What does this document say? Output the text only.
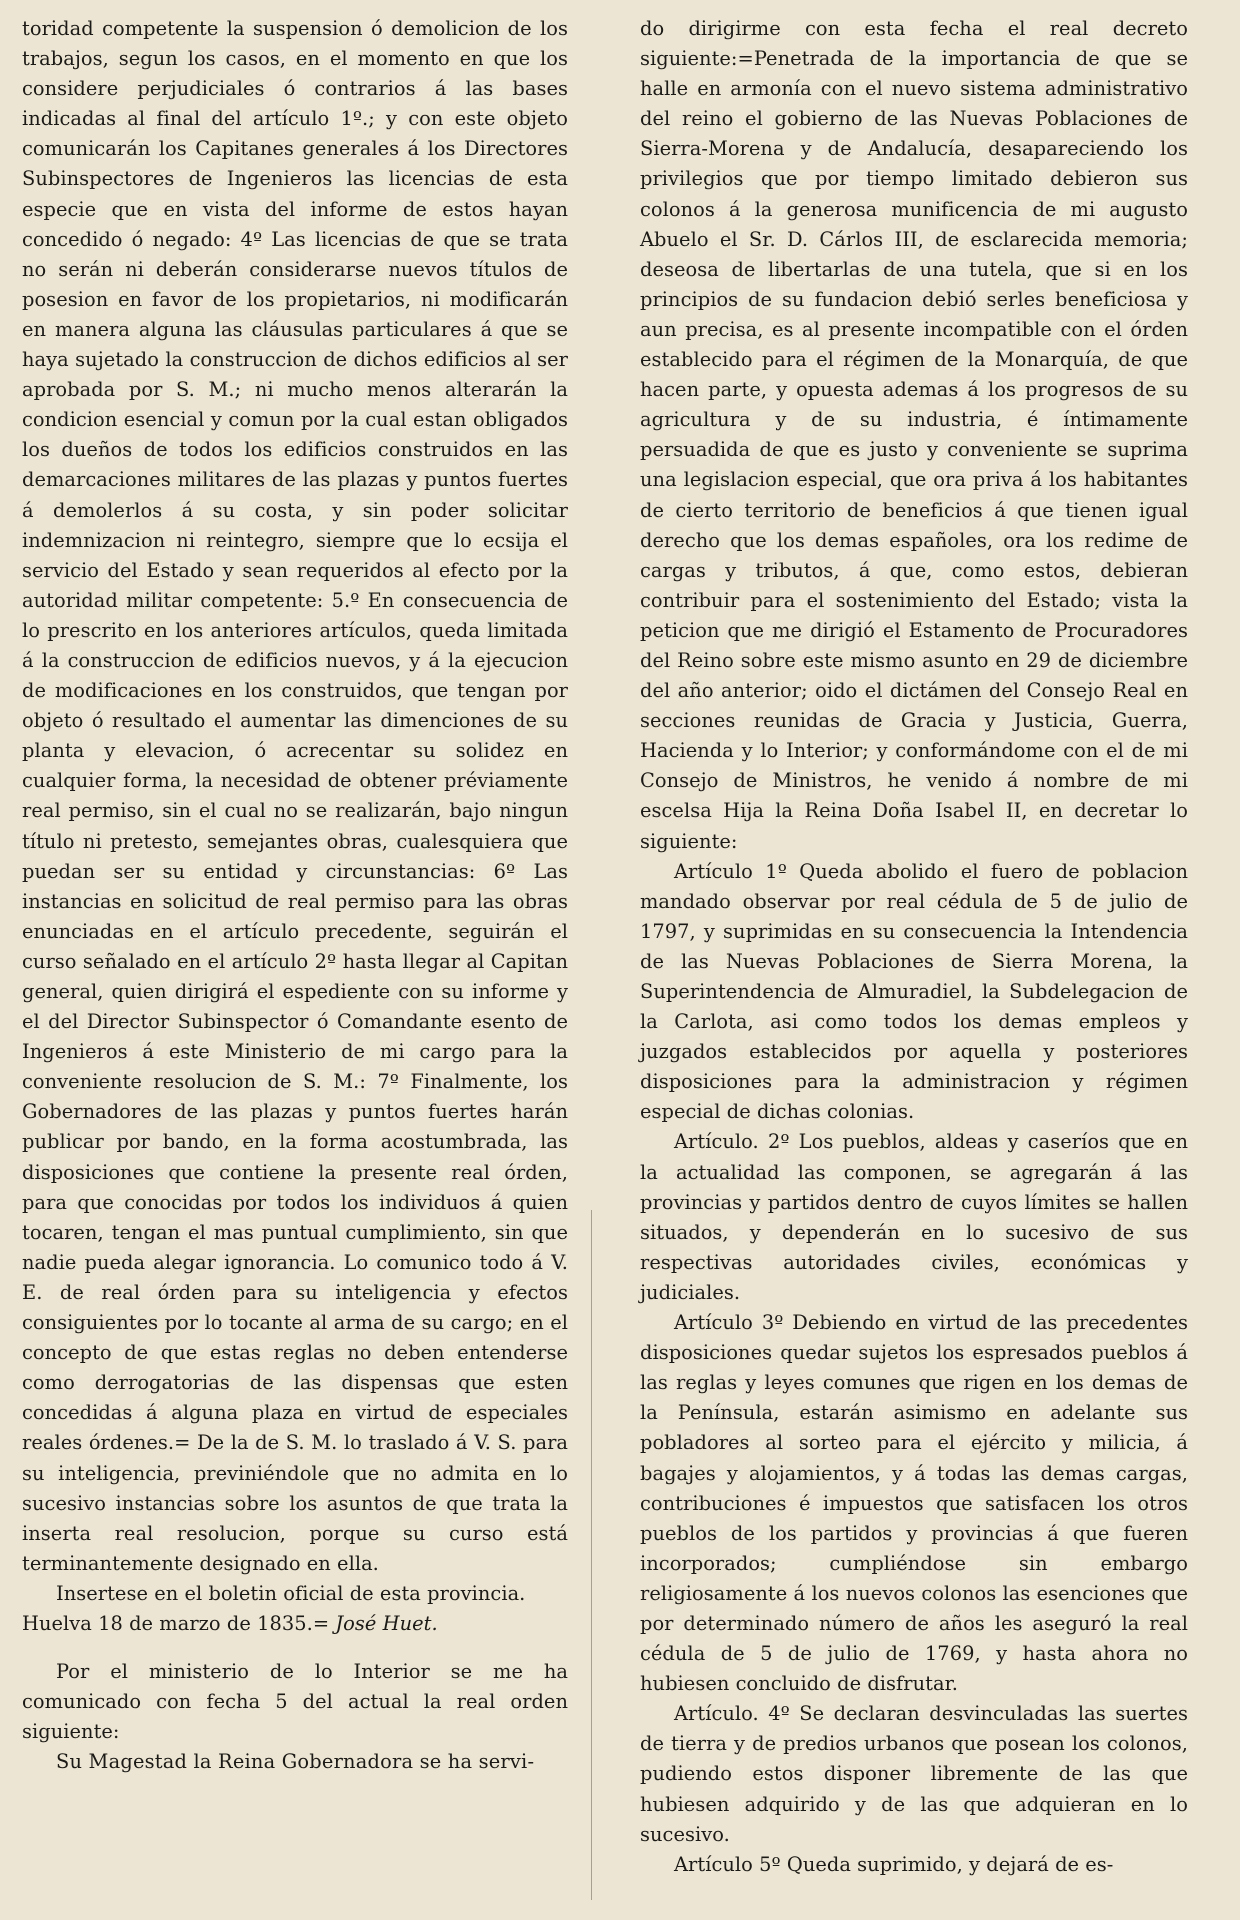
toridad competente la suspension ó demolicion de los trabajos, segun los casos, en el momento en que los considere perjudiciales ó contrarios á las bases indicadas al final del artículo 1º.; y con este objeto comunicarán los Capitanes generales á los Directores Subinspectores de Ingenieros las licencias de esta especie que en vista del informe de estos hayan concedido ó negado: 4º Las licencias de que se trata no serán ni deberán considerarse nuevos títulos de posesion en favor de los propietarios, ni modificarán en manera alguna las cláusulas particulares á que se haya sujetado la construccion de dichos edificios al ser aprobada por S. M.; ni mucho menos alterarán la condicion esencial y comun por la cual estan obligados los dueños de todos los edificios construidos en las demarcaciones militares de las plazas y puntos fuertes á demolerlos á su costa, y sin poder solicitar indemnizacion ni reintegro, siempre que lo ecsija el servicio del Estado y sean requeridos al efecto por la autoridad militar competente: 5.º En consecuencia de lo prescrito en los anteriores artículos, queda limitada á la construccion de edificios nuevos, y á la ejecucion de modificaciones en los construidos, que tengan por objeto ó resultado el aumentar las dimenciones de su planta y elevacion, ó acrecentar su solidez en cualquier forma, la necesidad de obtener préviamente real permiso, sin el cual no se realizarán, bajo ningun título ni pretesto, semejantes obras, cualesquiera que puedan ser su entidad y circunstancias: 6º Las instancias en solicitud de real permiso para las obras enunciadas en el artículo precedente, seguirán el curso señalado en el artículo 2º hasta llegar al Capitan general, quien dirigirá el espediente con su informe y el del Director Subinspector ó Comandante esento de Ingenieros á este Ministerio de mi cargo para la conveniente resolucion de S. M.: 7º Finalmente, los Gobernadores de las plazas y puntos fuertes harán publicar por bando, en la forma acostumbrada, las disposiciones que contiene la presente real órden, para que conocidas por todos los individuos á quien tocaren, tengan el mas puntual cumplimiento, sin que nadie pueda alegar ignorancia. Lo comunico todo á V. E. de real órden para su inteligencia y efectos consiguientes por lo tocante al arma de su cargo; en el concepto de que estas reglas no deben entenderse como derrogatorias de las dispensas que esten concedidas á alguna plaza en virtud de especiales reales órdenes.= De la de S. M. lo traslado á V. S. para su inteligencia, previniéndole que no admita en lo sucesivo instancias sobre los asuntos de que trata la inserta real resolucion, porque su curso está terminantemente designado en ella.

Insertese en el boletin oficial de esta provincia.

Huelva 18 de marzo de 1835.= José Huet.

Por el ministerio de lo Interior se me ha comunicado con fecha 5 del actual la real orden siguiente:

Su Magestad la Reina Gobernadora se ha servi-

do dirigirme con esta fecha el real decreto siguiente:=Penetrada de la importancia de que se halle en armonía con el nuevo sistema administrativo del reino el gobierno de las Nuevas Poblaciones de Sierra-Morena y de Andalucía, desapareciendo los privilegios que por tiempo limitado debieron sus colonos á la generosa munificencia de mi augusto Abuelo el Sr. D. Cárlos III, de esclarecida memoria; deseosa de libertarlas de una tutela, que si en los principios de su fundacion debió serles beneficiosa y aun precisa, es al presente incompatible con el órden establecido para el régimen de la Monarquía, de que hacen parte, y opuesta ademas á los progresos de su agricultura y de su industria, é íntimamente persuadida de que es justo y conveniente se suprima una legislacion especial, que ora priva á los habitantes de cierto territorio de beneficios á que tienen igual derecho que los demas españoles, ora los redime de cargas y tributos, á que, como estos, debieran contribuir para el sostenimiento del Estado; vista la peticion que me dirigió el Estamento de Procuradores del Reino sobre este mismo asunto en 29 de diciembre del año anterior; oido el dictámen del Consejo Real en secciones reunidas de Gracia y Justicia, Guerra, Hacienda y lo Interior; y conformándome con el de mi Consejo de Ministros, he venido á nombre de mi escelsa Hija la Reina Doña Isabel II, en decretar lo siguiente:

Artículo 1º Queda abolido el fuero de poblacion mandado observar por real cédula de 5 de julio de 1797, y suprimidas en su consecuencia la Intendencia de las Nuevas Poblaciones de Sierra Morena, la Superintendencia de Almuradiel, la Subdelegacion de la Carlota, asi como todos los demas empleos y juzgados establecidos por aquella y posteriores disposiciones para la administracion y régimen especial de dichas colonias.

Artículo. 2º Los pueblos, aldeas y caseríos que en la actualidad las componen, se agregarán á las provincias y partidos dentro de cuyos límites se hallen situados, y dependerán en lo sucesivo de sus respectivas autoridades civiles, económicas y judiciales.

Artículo 3º Debiendo en virtud de las precedentes disposiciones quedar sujetos los espresados pueblos á las reglas y leyes comunes que rigen en los demas de la Península, estarán asimismo en adelante sus pobladores al sorteo para el ejército y milicia, á bagajes y alojamientos, y á todas las demas cargas, contribuciones é impuestos que satisfacen los otros pueblos de los partidos y provincias á que fueren incorporados; cumpliéndose sin embargo religiosamente á los nuevos colonos las esenciones que por determinado número de años les aseguró la real cédula de 5 de julio de 1769, y hasta ahora no hubiesen concluido de disfrutar.

Artículo. 4º Se declaran desvinculadas las suertes de tierra y de predios urbanos que posean los colonos, pudiendo estos disponer libremente de las que hubiesen adquirido y de las que adquieran en lo sucesivo.

Artículo 5º Queda suprimido, y dejará de es-
